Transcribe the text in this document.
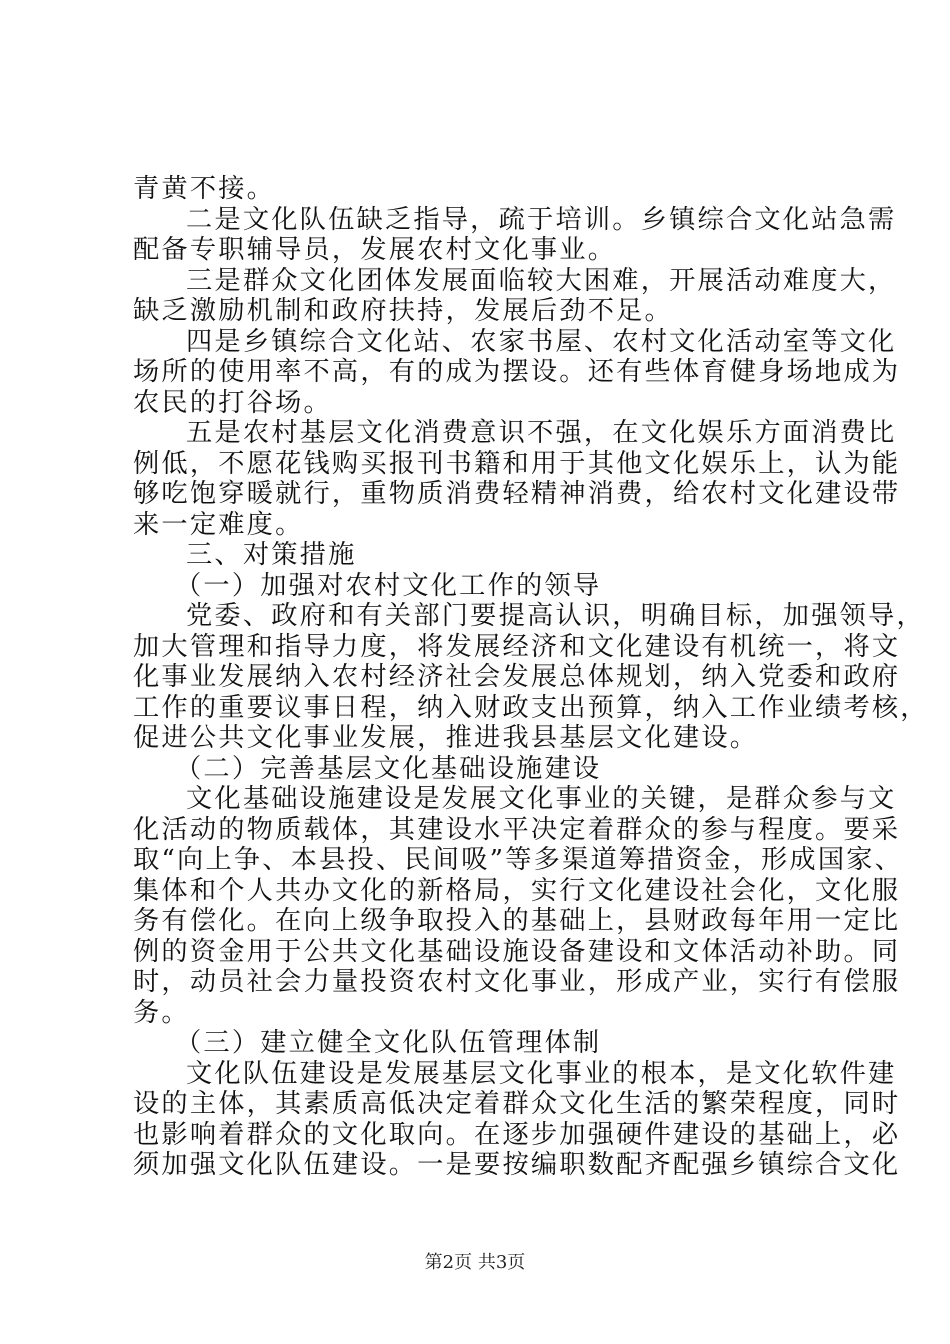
青黄不接。
二是文化队伍缺乏指导，疏于培训。乡镇综合文化站急需
配备专职辅导员，发展农村文化事业。
三是群众文化团体发展面临较大困难，开展活动难度大，
缺乏激励机制和政府扶持，发展后劲不足。
四是乡镇综合文化站、农家书屋、农村文化活动室等文化
场所的使用率不高，有的成为摆设。还有些体育健身场地成为
农民的打谷场。
五是农村基层文化消费意识不强，在文化娱乐方面消费比
例低，不愿花钱购买报刊书籍和用于其他文化娱乐上，认为能
够吃饱穿暖就行，重物质消费轻精神消费，给农村文化建设带
来一定难度。
三、对策措施
（一）加强对农村文化工作的领导
党委、政府和有关部门要提高认识，明确目标，加强领导，
加大管理和指导力度，将发展经济和文化建设有机统一，将文
化事业发展纳入农村经济社会发展总体规划，纳入党委和政府
工作的重要议事日程，纳入财政支出预算，纳入工作业绩考核，
促进公共文化事业发展，推进我县基层文化建设。
（二）完善基层文化基础设施建设
文化基础设施建设是发展文化事业的关键，是群众参与文
化活动的物质载体，其建设水平决定着群众的参与程度。要采
取“向上争、本县投、民间吸”等多渠道筹措资金，形成国家、
集体和个人共办文化的新格局，实行文化建设社会化，文化服
务有偿化。在向上级争取投入的基础上，县财政每年用一定比
例的资金用于公共文化基础设施设备建设和文体活动补助。同
时，动员社会力量投资农村文化事业，形成产业，实行有偿服
务。
（三）建立健全文化队伍管理体制
文化队伍建设是发展基层文化事业的根本，是文化软件建
设的主体，其素质高低决定着群众文化生活的繁荣程度，同时
也影响着群众的文化取向。在逐步加强硬件建设的基础上，必
须加强文化队伍建设。一是要按编职数配齐配强乡镇综合文化
第2页 共3页
